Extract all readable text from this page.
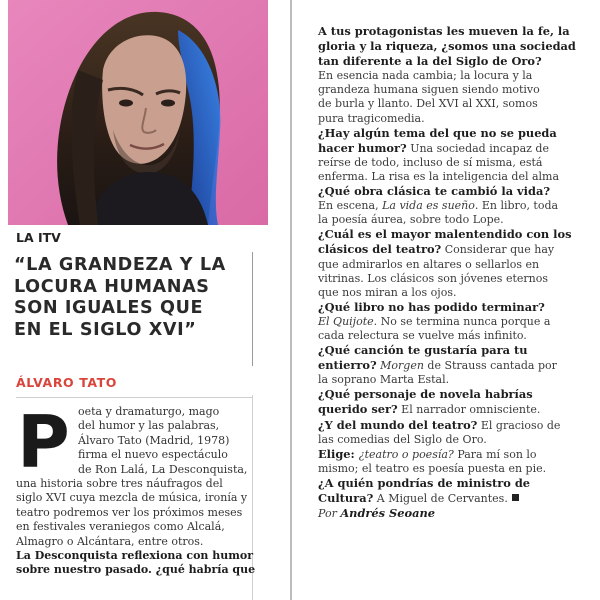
LA ITV
“LA GRANDEZA Y LA
LOCURA HUMANAS
SON IGUALES QUE
EN EL SIGLO XVI”
ÁLVARO TATO
P oeta y dramaturgo, mago
del humor y las palabras,
Álvaro Tato (Madrid, 1978)
firma el nuevo espectáculo
de Ron Lalá, La Desconquista,
una historia sobre tres náufragos del
siglo XVI cuya mezcla de música, ironía y
teatro podremos ver los próximos meses
en festivales veraniegos como Alcalá,
Almagro o Alcántara, entre otros.
La Desconquista reflexiona con humor
sobre nuestro pasado. ¿qué habría que
A tus protagonistas les mueven la fe, la
gloria y la riqueza, ¿somos una sociedad
tan diferente a la del Siglo de Oro?
En esencia nada cambia; la locura y la
grandeza humana siguen siendo motivo
de burla y llanto. Del XVI al XXI, somos
pura tragicomedia.
¿Hay algún tema del que no se pueda
hacer humor? Una sociedad incapaz de
reírse de todo, incluso de sí misma, está
enferma. La risa es la inteligencia del alma
¿Qué obra clásica te cambió la vida?
En escena, La vida es sueño. En libro, toda
la poesía áurea, sobre todo Lope.
¿Cuál es el mayor malentendido con los
clásicos del teatro? Considerar que hay
que admirarlos en altares o sellarlos en
vitrinas. Los clásicos son jóvenes eternos
que nos miran a los ojos.
¿Qué libro no has podido terminar?
El Quijote. No se termina nunca porque a
cada relectura se vuelve más infinito.
¿Qué canción te gustaría para tu
entierro? Morgen de Strauss cantada por
la soprano Marta Estal.
¿Qué personaje de novela habrías
querido ser? El narrador omnisciente.
¿Y del mundo del teatro? El gracioso de
las comedias del Siglo de Oro.
Elige: ¿teatro o poesía? Para mí son lo
mismo; el teatro es poesía puesta en pie.
¿A quién pondrías de ministro de
Cultura? A Miguel de Cervantes.
Por Andrés Seoane
